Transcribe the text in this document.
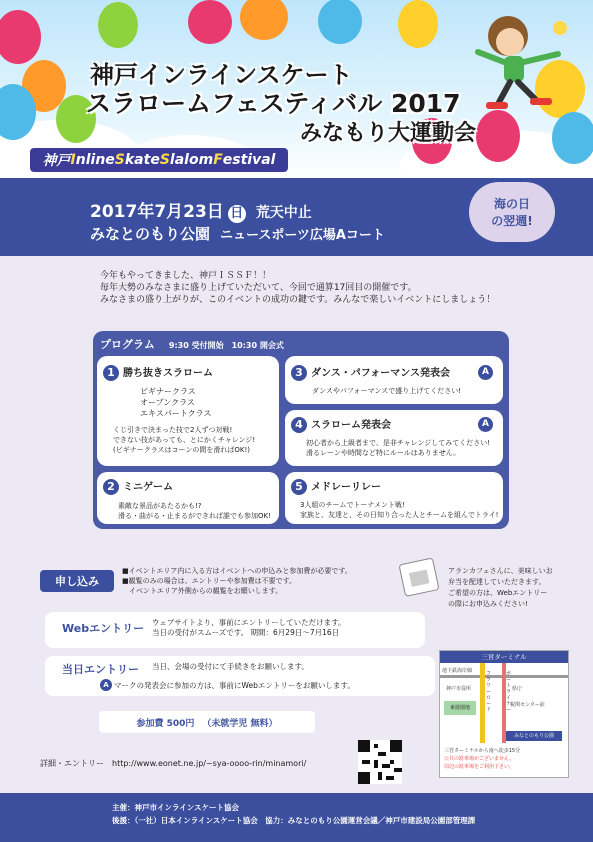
神戸インラインスケート
スラロームフェスティバル 2017
みなもり大運動会
神戸 I nline S kate S lalom F estival
2017年7月23日 日 荒天中止
みなとのもり公園 ニュースポーツ広場Aコート
海の日
の翌週!
今年もやってきました、神戸ＩＳＳＦ！！
毎年大勢のみなさまに盛り上げていただいて、今回で通算17回目の開催です。
みなさまの盛り上がりが、このイベントの成功の鍵です。みんなで楽しいイベントにしましょう！
プログラム 9:30 受付開始　10:30 開会式
1 勝ち抜きスラローム
ビギナークラス
オープンクラス
エキスパートクラス
くじ引きで決まった技で2人ずつ対戦!
できない技があっても、とにかくチャレンジ!
(ビギナークラスはコーンの間を滑ればOK!)
2 ミニゲーム
素敵な景品があたるかも!?
滑る・曲がる・止まるができれば誰でも参加OK!
3 ダンス・パフォーマンス発表会	A
ダンスやパフォーマンスで盛り上げてください!
4 スラローム発表会	A
初心者から上級者まで、是非チャレンジしてみてください!
滑るレーンや時間など特にルールはありません。
5 メドレーリレー
3人組のチームでトーナメント戦!
家族と、友達と、その日知り合った人とチームを組んでトライ!
申し込み
■イベントエリア内に入る方はイベントへの申込みと参加費が必要です。
■観覧のみの場合は、エントリーや参加費は不要です。
　イベントエリア外側からの観覧をお願いします。
Webエントリー ウェブサイトより、事前にエントリーしていただけます。
当日の受付がスムーズです。 期間：6月29日～7月16日
当日エントリー 当日、会場の受付にて手続きをお願いします。
A マークの発表会に参加の方は、事前にWebエントリーをお願いします。
参加費 500円 （未就学児 無料）
詳細・エントリー http://www.eonet.ne.jp/~sya-oooo-rin/minamori/
アランカフェさんに、美味しいお
弁当を配達していただきます。
ご希望の方は、Webエントリー
の際にお申込みください!
三宮ターミナル
地下鉄海岸線
神戸市役所
東遊園地
県庁
税関センター前
フラワーロード
ポートライナー
みなとのもり公園
三宮ターミナルから南へ徒歩15分
公共の駐車場がございません。
周辺の駐車場をご利用下さい。
主催：神戸市インラインスケート協会
後援：（一社）日本インラインスケート協会　協力：みなとのもり公園運営会議／神戸市建設局公園部管理課
